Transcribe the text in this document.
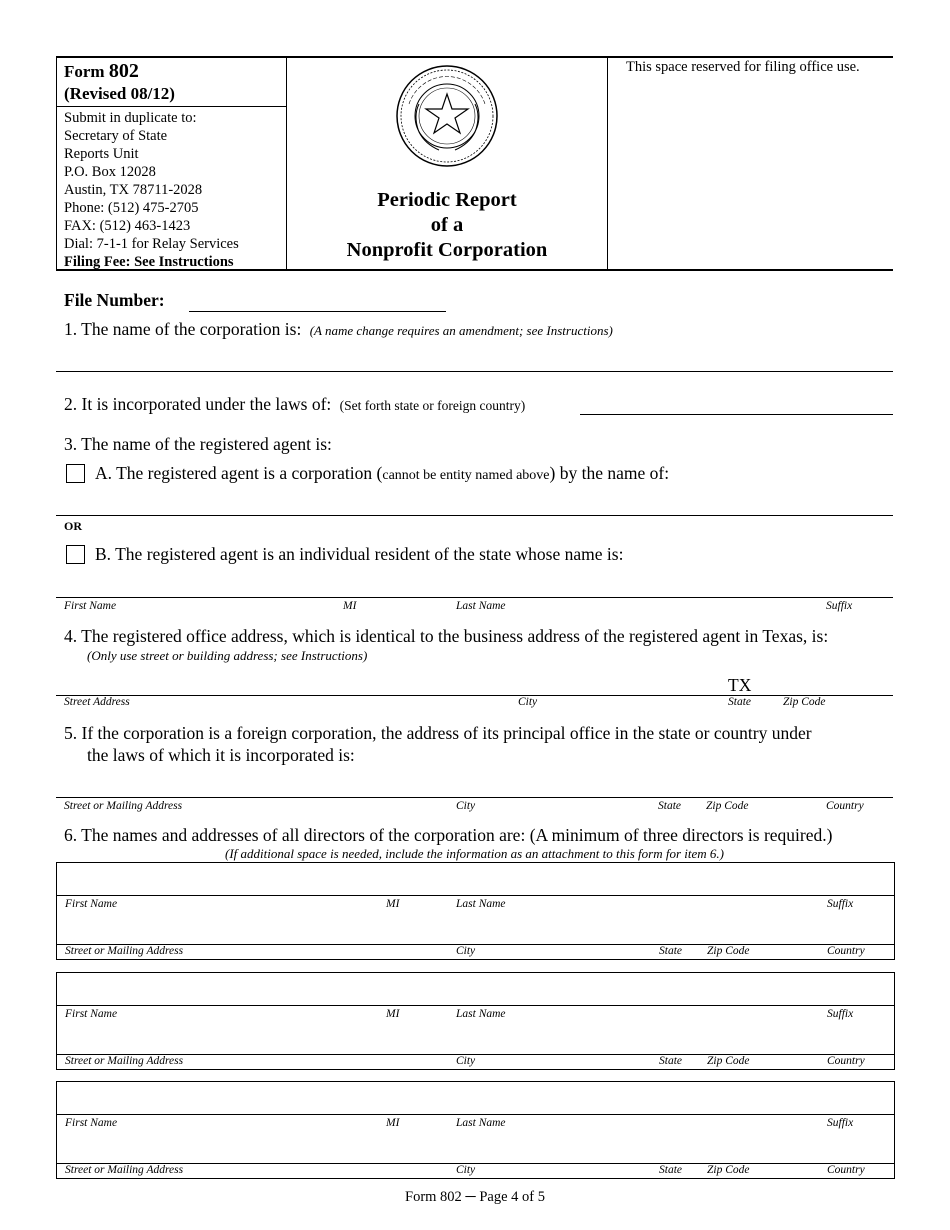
Form 802
(Revised 08/12)
Submit in duplicate to:
Secretary of State
Reports Unit
P.O. Box 12028
Austin, TX 78711-2028
Phone: (512) 475-2705
FAX: (512) 463-1423
Dial: 7-1-1 for Relay Services
Filing Fee: See Instructions
Periodic Report
of a
Nonprofit Corporation
This space reserved for filing office use.
File Number:
1. The name of the corporation is: (A name change requires an amendment; see Instructions)
2. It is incorporated under the laws of: (Set forth state or foreign country)
3. The name of the registered agent is:
A. The registered agent is a corporation (cannot be entity named above) by the name of:
OR
B. The registered agent is an individual resident of the state whose name is:
First Name	MI	Last Name	Suffix
4. The registered office address, which is identical to the business address of the registered agent in Texas, is:
(Only use street or building address; see Instructions)
TX
Street Address	City	State	Zip Code
5. If the corporation is a foreign corporation, the address of its principal office in the state or country under
the laws of which it is incorporated is:
Street or Mailing Address	City	State Zip Code	Country
6. The names and addresses of all directors of the corporation are: (A minimum of three directors is required.)
(If additional space is needed, include the information as an attachment to this form for item 6.)
First Name	MI	Last Name	Suffix
Street or Mailing Address	City	State Zip Code	Country
First Name	MI	Last Name	Suffix
Street or Mailing Address	City	State Zip Code	Country
First Name	MI	Last Name	Suffix
Street or Mailing Address	City	State Zip Code	Country
Form 802 ─ Page 4 of 5
